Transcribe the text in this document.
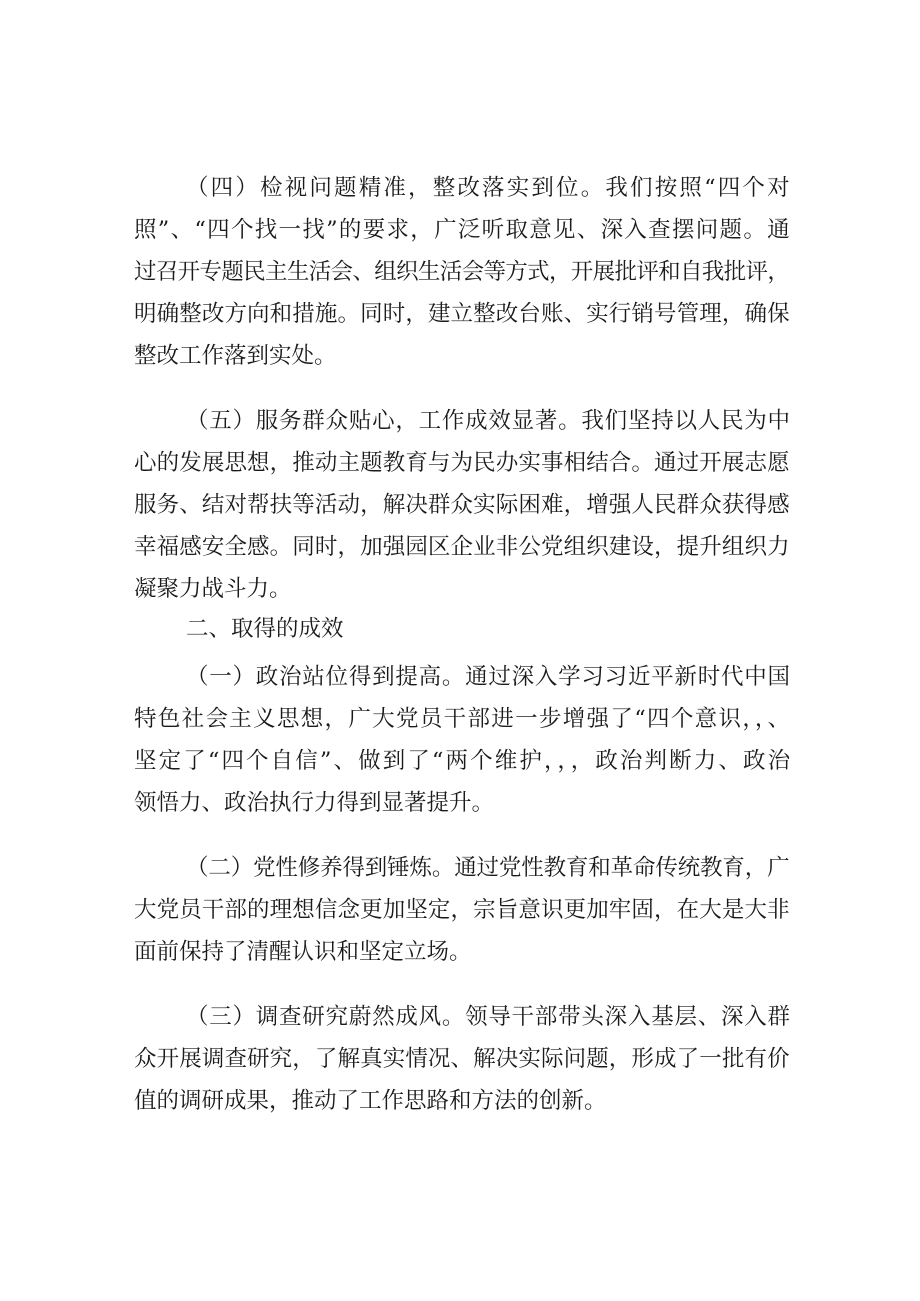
（四）检视问题精准，整改落实到位。我们按照“四个对

照”、“四个找一找”的要求，广泛听取意见、深入查摆问题。通

过召开专题民主生活会、组织生活会等方式，开展批评和自我批评，

明确整改方向和措施。同时，建立整改台账、实行销号管理，确保

整改工作落到实处。

（五）服务群众贴心，工作成效显著。我们坚持以人民为中

心的发展思想，推动主题教育与为民办实事相结合。通过开展志愿

服务、结对帮扶等活动，解决群众实际困难，增强人民群众获得感

幸福感安全感。同时，加强园区企业非公党组织建设，提升组织力

凝聚力战斗力。

二、取得的成效

（一）政治站位得到提高。通过深入学习习近平新时代中国

特色社会主义思想，广大党员干部进一步增强了“四个意识，，、

坚定了“四个自信”、做到了“两个维护，，，政治判断力、政治

领悟力、政治执行力得到显著提升。

（二）党性修养得到锤炼。通过党性教育和革命传统教育，广

大党员干部的理想信念更加坚定，宗旨意识更加牢固，在大是大非

面前保持了清醒认识和坚定立场。

（三）调查研究蔚然成风。领导干部带头深入基层、深入群

众开展调查研究，了解真实情况、解决实际问题，形成了一批有价

值的调研成果，推动了工作思路和方法的创新。
